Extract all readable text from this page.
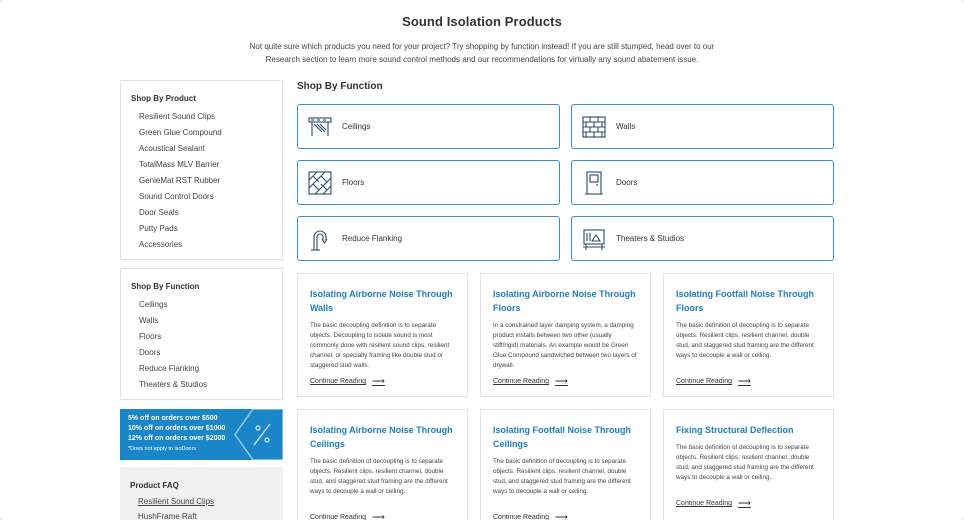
Sound Isolation Products

Not quite sure which products you need for your project? Try shopping by function instead! If you are still stumped, head over to our Research section to learn more sound control methods and our recommendations for virtually any sound abatement issue.

Shop By Product
Resilient Sound Clips
Green Glue Compound
Acoustical Sealant
TotalMass MLV Barrier
GenieMat RST Rubber
Sound Control Doors
Door Seals
Putty Pads
Accessories
Shop By Function
Ceilings
Walls
Floors
Doors
Reduce Flanking
Theaters & Studios
5% off on orders over $500
10% off on orders over $1000
12% off on orders over $2000
*Does not apply to isoDoors
Product FAQ
Resilient Sound Clips
HushFrame Raft
Shop By Function
Ceilings	Walls
Floors	Doors
Reduce Flanking	Theaters & Studios
Isolating Airborne Noise Through Walls

The basic decoupling definition is to separate objects. Decoupling to isolate sound is most commonly done with resilient sound clips, resilient channel, or specialty framing like double stud or staggered stud walls.

Continue Reading ⟶
Isolating Airborne Noise Through Floors

In a constrained layer damping system, a damping product installs between two other (usually stiff/rigid) materials. An example would be Green Glue Compound sandwiched between two layers of drywall.

Continue Reading ⟶
Isolating Footfall Noise Through Floors

The basic definition of decoupling is to separate objects. Resilient clips, resilient channel, double stud, and staggered stud framing are the different ways to decouple a wall or ceiling.

Continue Reading ⟶
Isolating Airborne Noise Through Ceilings

The basic definition of decoupling is to separate objects. Resilient clips, resilient channel, double stud, and staggered stud framing are the different ways to decouple a wall or ceiling.

Continue Reading ⟶
Isolating Footfall Noise Through Ceilings

The basic definition of decoupling is to separate objects. Resilient clips, resilient channel, double stud, and staggered stud framing are the different ways to decouple a wall or ceiling.

Continue Reading ⟶
Fixing Structural Deflection

The basic definition of decoupling is to separate objects. Resilient clips, resilient channel, double stud, and staggered stud framing are the different ways to decouple a wall or ceiling.

Continue Reading ⟶
